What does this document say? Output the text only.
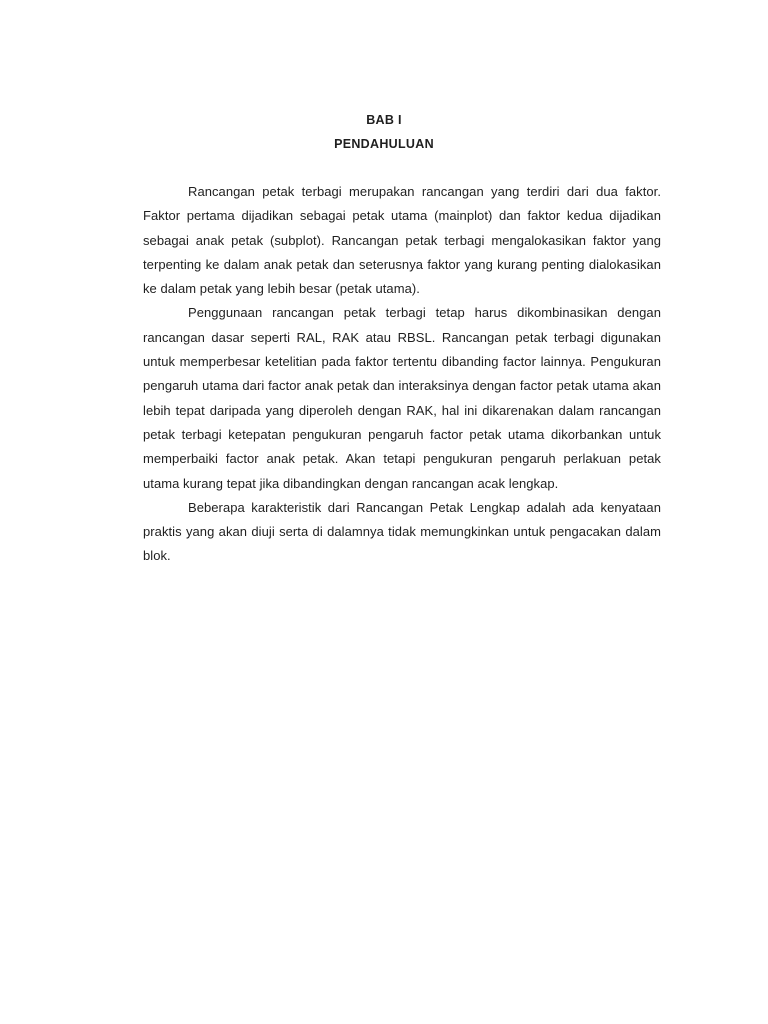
BAB I
PENDAHULUAN

Rancangan petak terbagi merupakan rancangan yang terdiri dari dua faktor. Faktor pertama dijadikan sebagai petak utama (mainplot) dan faktor kedua dijadikan sebagai anak petak (subplot). Rancangan petak terbagi mengalokasikan faktor yang terpenting ke dalam anak petak dan seterusnya faktor yang kurang penting dialokasikan ke dalam petak yang lebih besar (petak utama).

Penggunaan rancangan petak terbagi tetap harus dikombinasikan dengan rancangan dasar seperti RAL, RAK atau RBSL. Rancangan petak terbagi digunakan untuk memperbesar ketelitian pada faktor tertentu dibanding factor lainnya. Pengukuran pengaruh utama dari factor anak petak dan interaksinya dengan factor petak utama akan lebih tepat daripada yang diperoleh dengan RAK, hal ini dikarenakan dalam rancangan petak terbagi ketepatan pengukuran pengaruh factor petak utama dikorbankan untuk memperbaiki factor anak petak. Akan tetapi pengukuran pengaruh perlakuan petak utama kurang tepat jika dibandingkan dengan rancangan acak lengkap.

Beberapa karakteristik dari Rancangan Petak Lengkap adalah ada kenyataan praktis yang akan diuji serta di dalamnya tidak memungkinkan untuk pengacakan dalam blok.
